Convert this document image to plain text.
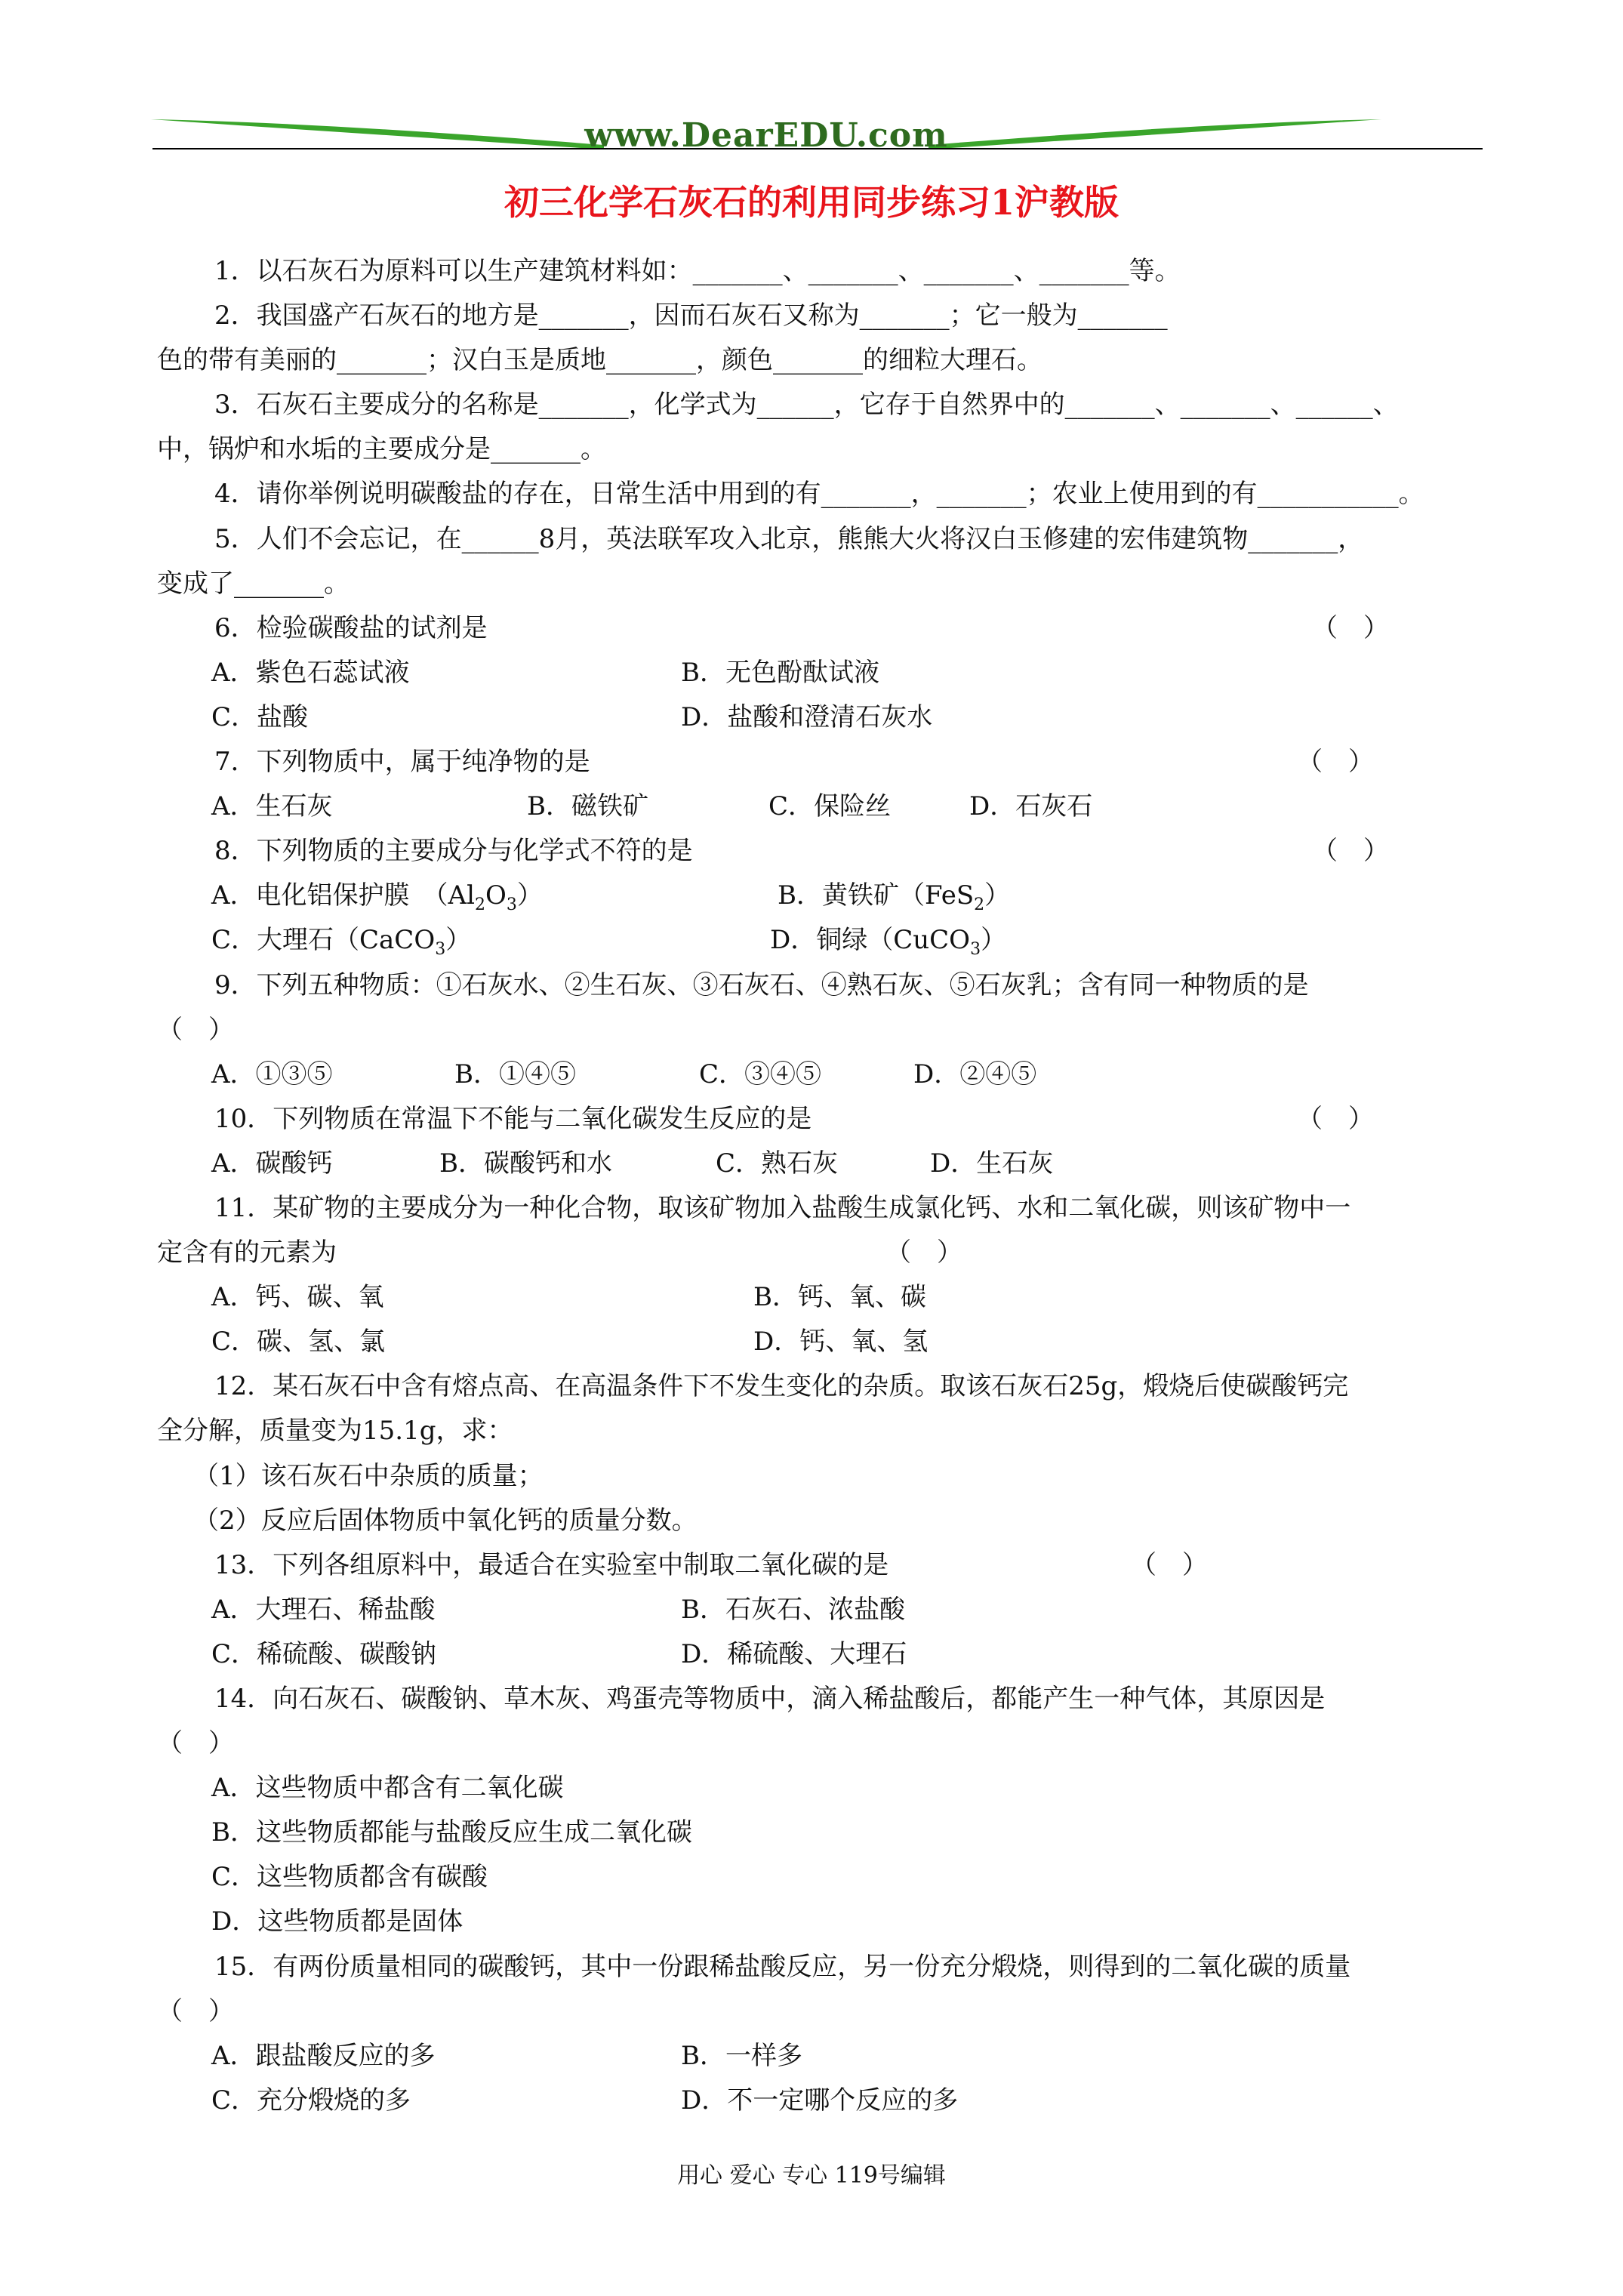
www.DearEDU.com
初三化学石灰石的利用同步练习1沪教版
1．以石灰石为原料可以生产建筑材料如：_______、_______、_______、_______等。
2．我国盛产石灰石的地方是_______，因而石灰石又称为_______；它一般为_______
色的带有美丽的_______；汉白玉是质地_______，颜色_______的细粒大理石。
3．石灰石主要成分的名称是_______，化学式为______，它存于自然界中的_______、_______、______、
中，锅炉和水垢的主要成分是_______。
4．请你举例说明碳酸盐的存在，日常生活中用到的有_______，_______；农业上使用到的有___________。
5．人们不会忘记，在______8月，英法联军攻入北京，熊熊大火将汉白玉修建的宏伟建筑物_______，
变成了_______。
6．检验碳酸盐的试剂是	（　）
A．紫色石蕊试液	B．无色酚酞试液
C．盐酸	D．盐酸和澄清石灰水
7．下列物质中，属于纯净物的是	（　）
A．生石灰	B．磁铁矿	C．保险丝	D．石灰石
8．下列物质的主要成分与化学式不符的是	（　）
A．电化铝保护膜　$(Al_2O_3)$	B．黄铁矿（FeS$_2$）
C．大理石（CaCO$_3$）	D．铜绿（CuCO$_3$）
9．下列五种物质：①石灰水、②生石灰、③石灰石、④熟石灰、⑤石灰乳；含有同一种物质的是
（　）
A．①③⑤	B．①④⑤	C．③④⑤	D．②④⑤
10．下列物质在常温下不能与二氧化碳发生反应的是	（　）
A．碳酸钙	B．碳酸钙和水	C．熟石灰	D．生石灰
11．某矿物的主要成分为一种化合物，取该矿物加入盐酸生成氯化钙、水和二氧化碳，则该矿物中一
定含有的元素为	（　）
A．钙、碳、氧	B．钙、氧、碳
C．碳、氢、氯	D．钙、氧、氢
12．某石灰石中含有熔点高、在高温条件下不发生变化的杂质。取该石灰石25g，煅烧后使碳酸钙完
全分解，质量变为15.1g，求：
（1）该石灰石中杂质的质量；
（2）反应后固体物质中氧化钙的质量分数。
13．下列各组原料中，最适合在实验室中制取二氧化碳的是	（　）
A．大理石、稀盐酸	B．石灰石、浓盐酸
C．稀硫酸、碳酸钠	D．稀硫酸、大理石
14．向石灰石、碳酸钠、草木灰、鸡蛋壳等物质中，滴入稀盐酸后，都能产生一种气体，其原因是
（　）
A．这些物质中都含有二氧化碳
B．这些物质都能与盐酸反应生成二氧化碳
C．这些物质都含有碳酸
D．这些物质都是固体
15．有两份质量相同的碳酸钙，其中一份跟稀盐酸反应，另一份充分煅烧，则得到的二氧化碳的质量
（　）
A．跟盐酸反应的多	B．一样多
C．充分煅烧的多	D．不一定哪个反应的多
用心 爱心 专心 119号编辑
